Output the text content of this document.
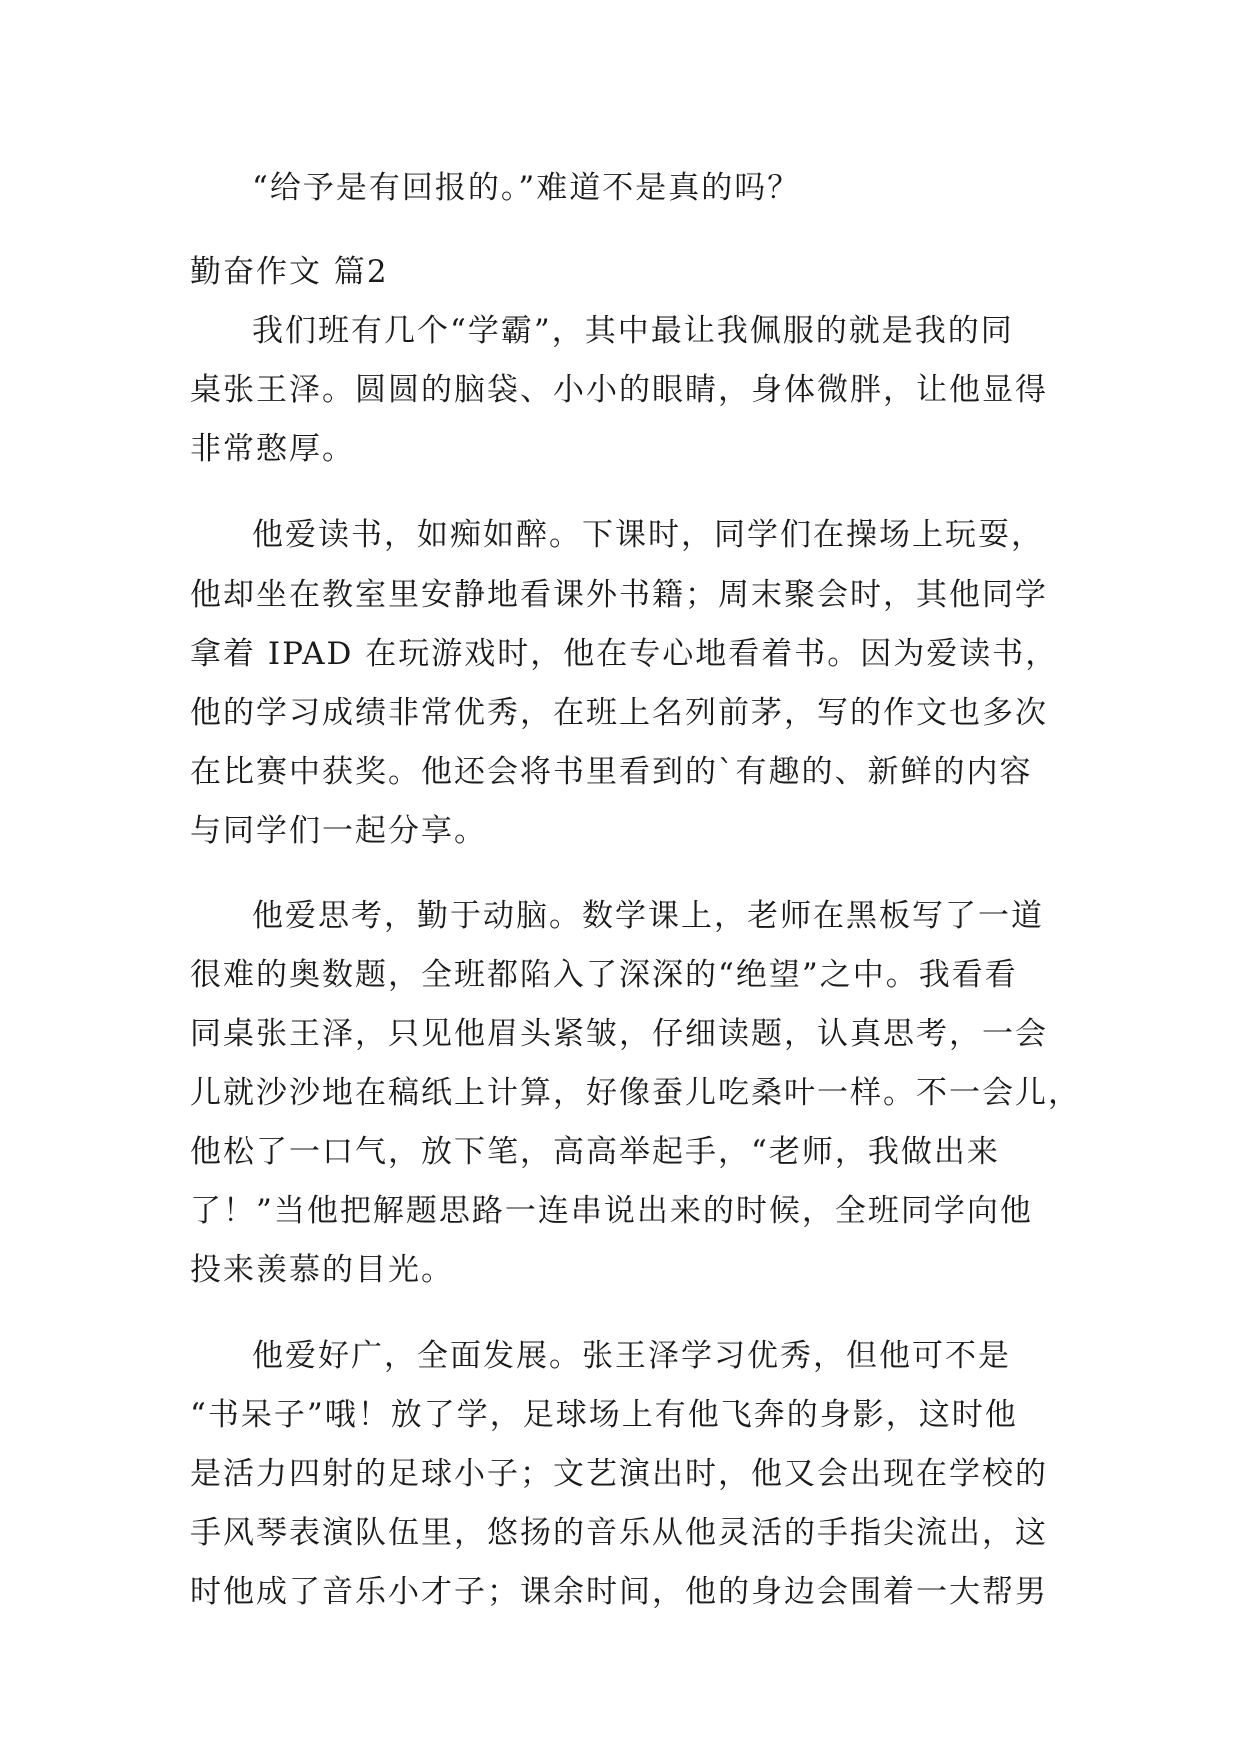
“给予是有回报的。”难道不是真的吗？
勤奋作文 篇2
我们班有几个“学霸”，其中最让我佩服的就是我的同
桌张王泽。圆圆的脑袋、小小的眼睛，身体微胖，让他显得
非常憨厚。
他爱读书，如痴如醉。下课时，同学们在操场上玩耍，
他却坐在教室里安静地看课外书籍；周末聚会时，其他同学
拿着 IPAD 在玩游戏时，他在专心地看着书。因为爱读书，
他的学习成绩非常优秀，在班上名列前茅，写的作文也多次
在比赛中获奖。他还会将书里看到的`有趣的、新鲜的内容
与同学们一起分享。
他爱思考，勤于动脑。数学课上，老师在黑板写了一道
很难的奥数题，全班都陷入了深深的“绝望”之中。我看看
同桌张王泽，只见他眉头紧皱，仔细读题，认真思考，一会
儿就沙沙地在稿纸上计算，好像蚕儿吃桑叶一样。不一会儿，
他松了一口气，放下笔，高高举起手，“老师，我做出来
了！”当他把解题思路一连串说出来的时候，全班同学向他
投来羡慕的目光。
他爱好广，全面发展。张王泽学习优秀，但他可不是
“书呆子”哦！放了学，足球场上有他飞奔的身影，这时他
是活力四射的足球小子；文艺演出时，他又会出现在学校的
手风琴表演队伍里，悠扬的音乐从他灵活的手指尖流出，这
时他成了音乐小才子；课余时间，他的身边会围着一大帮男
